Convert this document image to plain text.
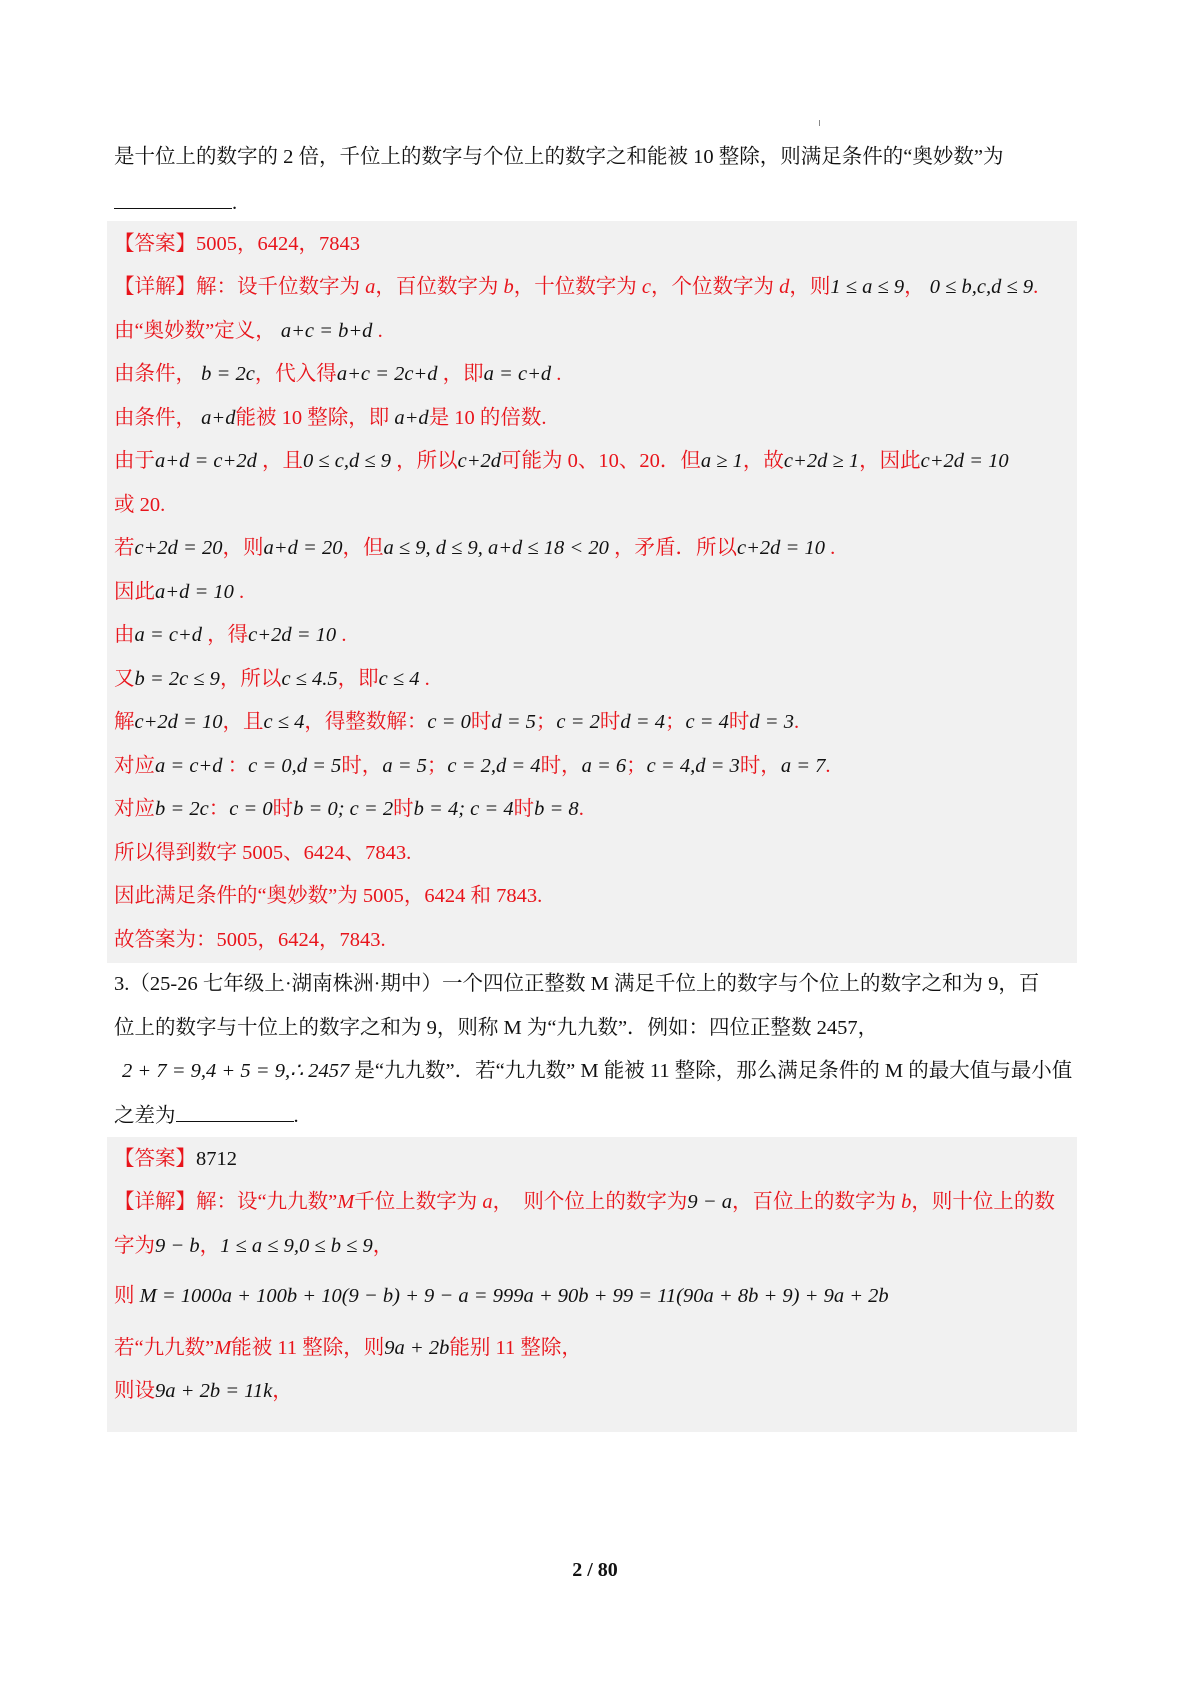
是十位上的数字的 2 倍，千位上的数字与个位上的数字之和能被 10 整除，则满足条件的“奥妙数”为
.
【答案】5005，6424，7843
【详解】解：设千位数字为 a，百位数字为 b，十位数字为 c，个位数字为 d，则1 ≤ a ≤ 9， 0 ≤ b,c,d ≤ 9.
由“奥妙数”定义， a+c = b+d .
由条件， b = 2c，代入得a+c = 2c+d ，即a = c+d .
由条件， a+d能被 10 整除，即 a+d是 10 的倍数.
由于a+d = c+2d ，且0 ≤ c,d ≤ 9 ，所以c+2d可能为 0、10、20．但a ≥ 1，故c+2d ≥ 1，因此c+2d = 10
或 20.
若c+2d = 20，则a+d = 20，但a ≤ 9, d ≤ 9, a+d ≤ 18 < 20 ，矛盾．所以c+2d = 10 .
因此a+d = 10 .
由a = c+d ，得c+2d = 10 .
又b = 2c ≤ 9，所以c ≤ 4.5，即c ≤ 4 .
解c+2d = 10，且c ≤ 4，得整数解：c = 0时d = 5；c = 2时d = 4；c = 4时d = 3.
对应a = c+d ：c = 0,d = 5时，a = 5；c = 2,d = 4时，a = 6；c = 4,d = 3时，a = 7.
对应b = 2c：c = 0时b = 0; c = 2时b = 4; c = 4时b = 8.
所以得到数字 5005、6424、7843.
因此满足条件的“奥妙数”为 5005，6424 和 7843.
故答案为：5005，6424，7843.
3.（25-26 七年级上·湖南株洲·期中）一个四位正整数 M 满足千位上的数字与个位上的数字之和为 9，百
位上的数字与十位上的数字之和为 9，则称 M 为“九九数”．例如：四位正整数 2457，
2 + 7 = 9,4 + 5 = 9,∴ 2457 是“九九数”．若“九九数” M 能被 11 整除，那么满足条件的 M 的最大值与最小值
之差为	.
【答案】8712
【详解】解：设“九九数”M千位上数字为 a，  则个位上的数字为9 − a，百位上的数字为 b，则十位上的数
字为9 − b，1 ≤ a ≤ 9,0 ≤ b ≤ 9，
则 M = 1000a + 100b + 10(9 − b) + 9 − a = 999a + 90b + 99 = 11(90a + 8b + 9) + 9a + 2b
若“九九数”M能被 11 整除，则9a + 2b能别 11 整除，
则设9a + 2b = 11k，
2 / 80
